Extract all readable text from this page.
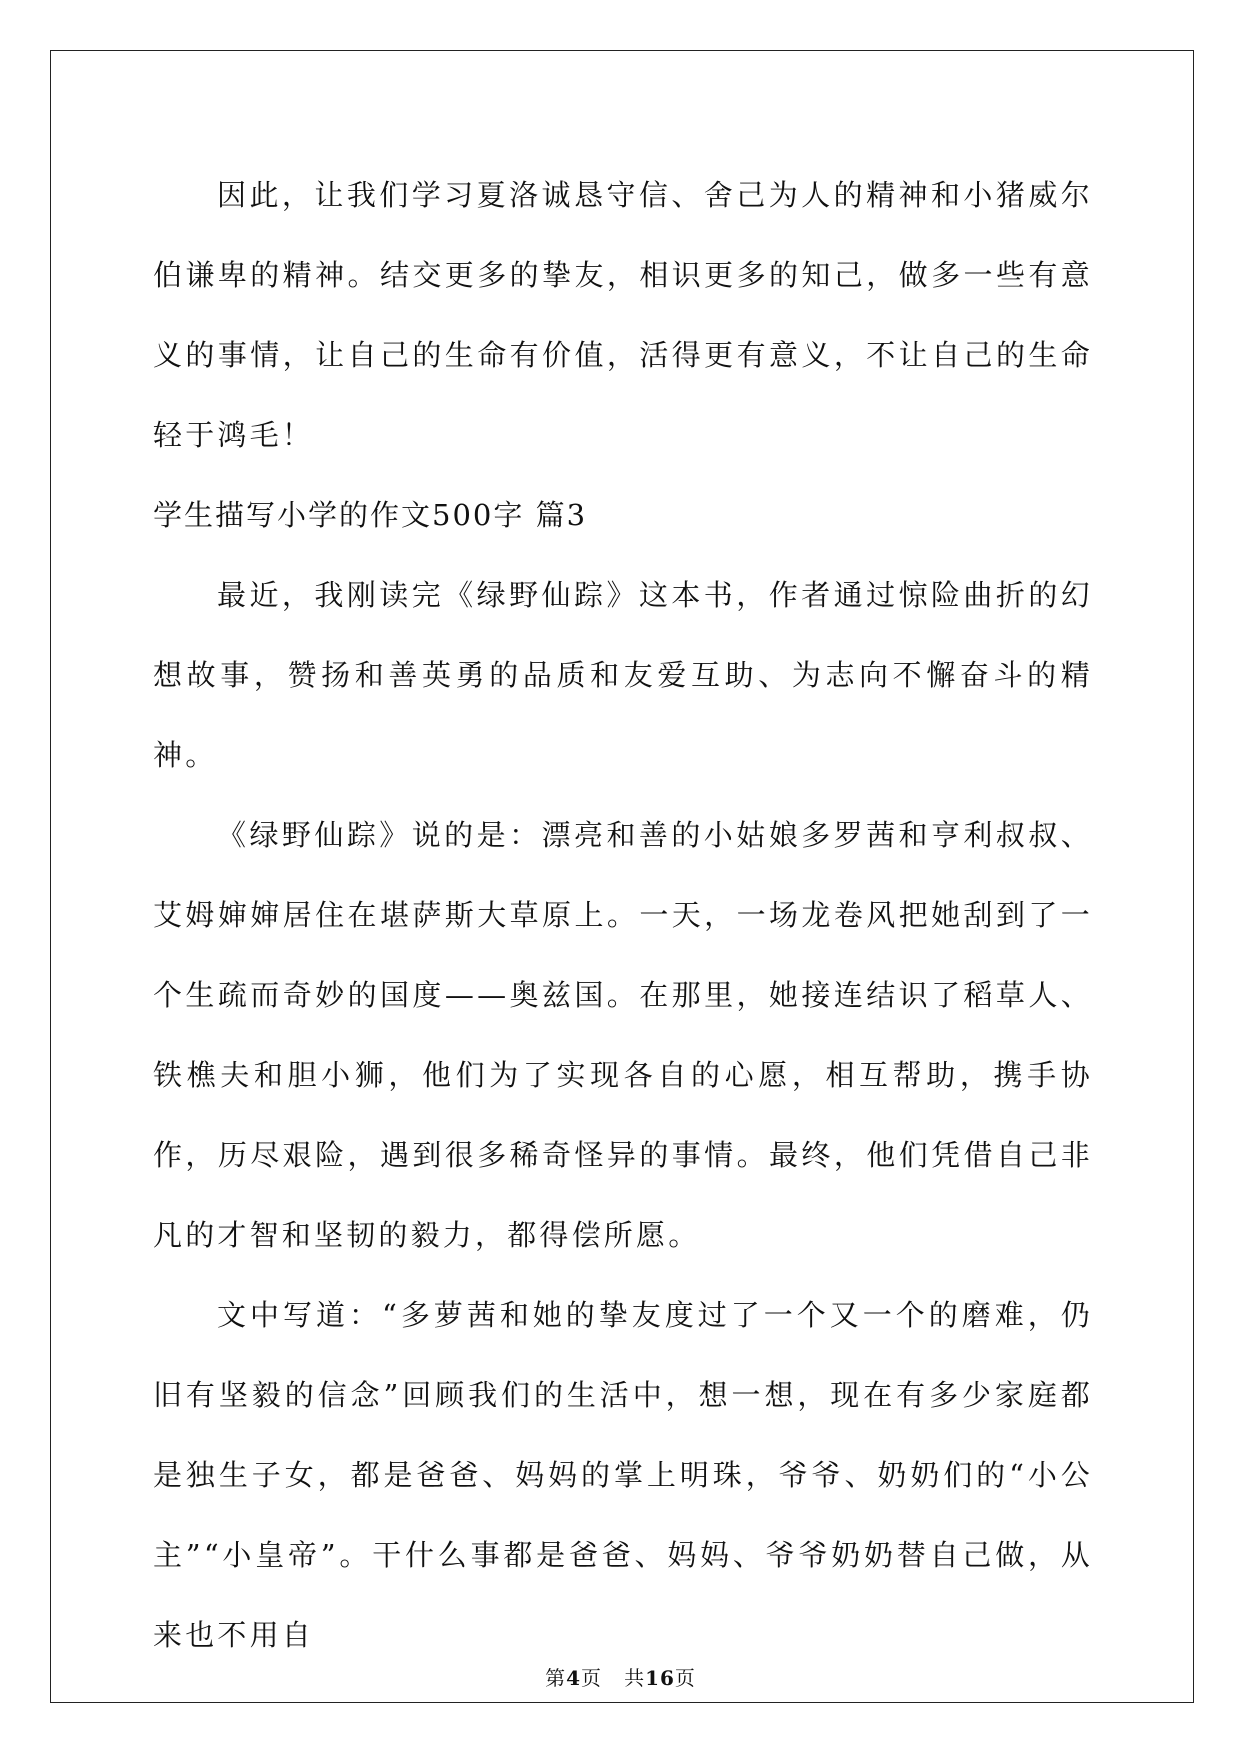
因此，让我们学习夏洛诚恳守信、舍己为人的精神和小猪威尔伯谦卑的精神。结交更多的挚友，相识更多的知己，做多一些有意义的事情，让自己的生命有价值，活得更有意义，不让自己的生命轻于鸿毛！

学生描写小学的作文500字 篇3

最近，我刚读完《绿野仙踪》这本书，作者通过惊险曲折的幻想故事，赞扬和善英勇的品质和友爱互助、为志向不懈奋斗的精神。

《绿野仙踪》说的是：漂亮和善的小姑娘多罗茜和亨利叔叔、艾姆婶婶居住在堪萨斯大草原上。一天，一场龙卷风把她刮到了一个生疏而奇妙的国度——奥兹国。在那里，她接连结识了稻草人、铁樵夫和胆小狮，他们为了实现各自的心愿，相互帮助，携手协作，历尽艰险，遇到很多稀奇怪异的事情。最终，他们凭借自己非凡的才智和坚韧的毅力，都得偿所愿。

文中写道：“多萝茜和她的挚友度过了一个又一个的磨难，仍旧有坚毅的信念”回顾我们的生活中，想一想，现在有多少家庭都是独生子女，都是爸爸、妈妈的掌上明珠，爷爷、奶奶们的“小公主”“小皇帝”。干什么事都是爸爸、妈妈、爷爷奶奶替自己做，从来也不用自

第4页 共16页
